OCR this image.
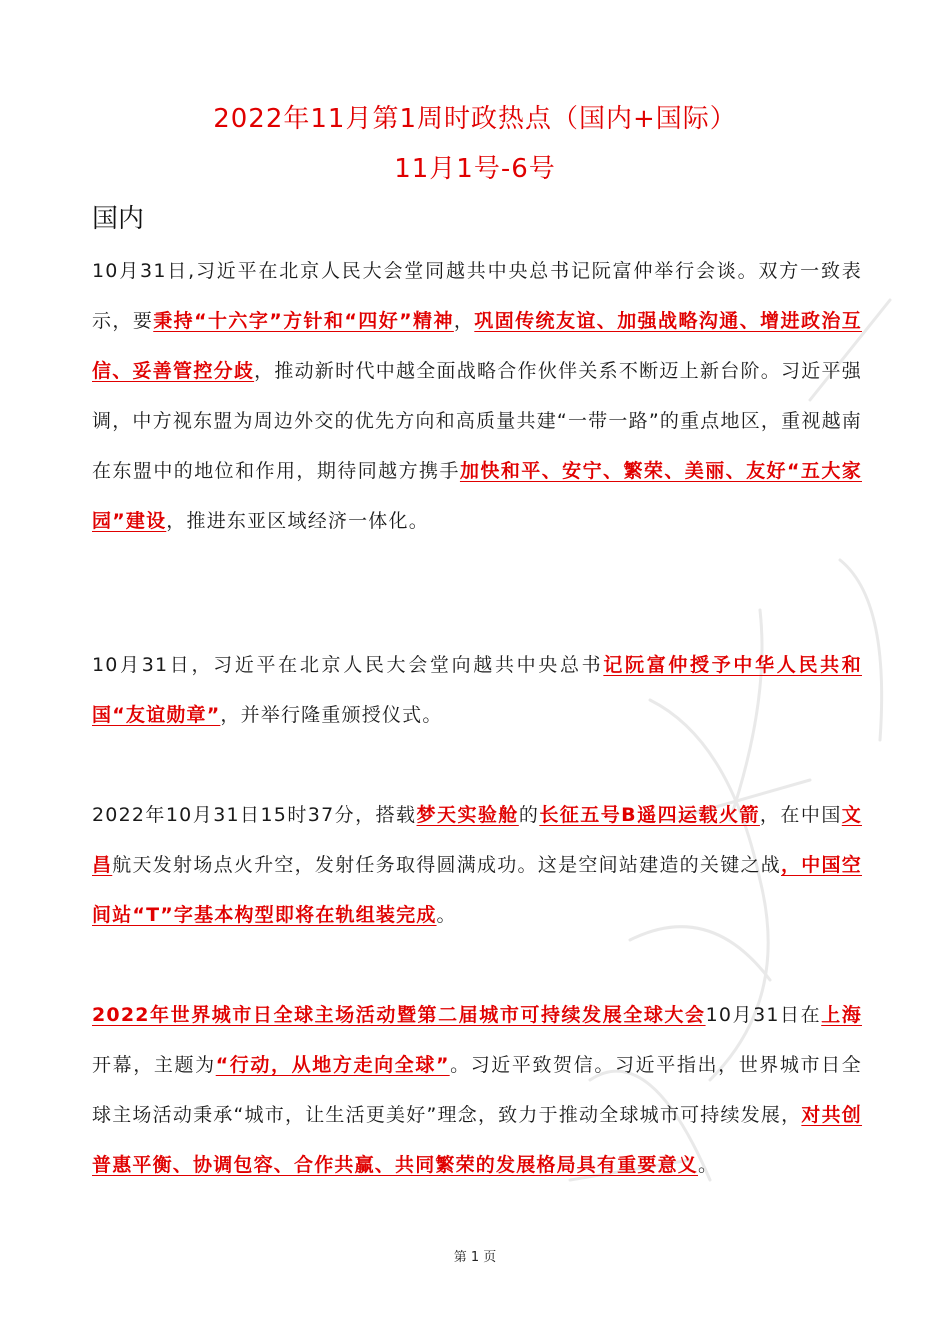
2022年11月第1周时政热点（国内+国际）
11月1号-6号
国内
10月31日,习近平在北京人民大会堂同越共中央总书记阮富仲举行会谈。双方一致表示，要秉持“十六字”方针和“四好”精神，巩固传统友谊、加强战略沟通、增进政治互信、妥善管控分歧，推动新时代中越全面战略合作伙伴关系不断迈上新台阶。习近平强调，中方视东盟为周边外交的优先方向和高质量共建“一带一路”的重点地区，重视越南在东盟中的地位和作用，期待同越方携手加快和平、安宁、繁荣、美丽、友好“五大家园”建设，推进东亚区域经济一体化。
10月31日，习近平在北京人民大会堂向越共中央总书记阮富仲授予中华人民共和国“友谊勋章”，并举行隆重颁授仪式。
2022年10月31日15时37分，搭载梦天实验舱的长征五号B遥四运载火箭，在中国文昌航天发射场点火升空，发射任务取得圆满成功。这是空间站建造的关键之战，中国空间站“T”字基本构型即将在轨组装完成。
2022年世界城市日全球主场活动暨第二届城市可持续发展全球大会10月31日在上海开幕，主题为“行动，从地方走向全球”。习近平致贺信。习近平指出，世界城市日全球主场活动秉承“城市，让生活更美好”理念，致力于推动全球城市可持续发展，对共创普惠平衡、协调包容、合作共赢、共同繁荣的发展格局具有重要意义。
第 1 页
